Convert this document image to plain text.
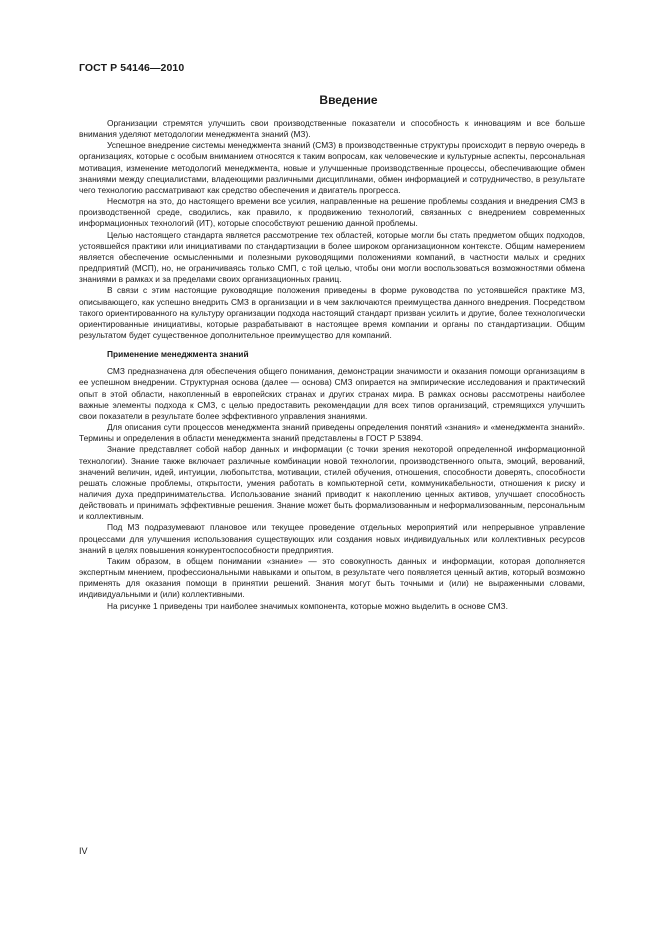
ГОСТ Р 54146—2010
Введение

Организации стремятся улучшить свои производственные показатели и способность к инновациям и все больше внимания уделяют методологии менеджмента знаний (МЗ).

Успешное внедрение системы менеджмента знаний (СМЗ) в производственные структуры происходит в первую очередь в организациях, которые с особым вниманием относятся к таким вопросам, как человеческие и культурные аспекты, персональная мотивация, изменение методологий менеджмента, новые и улучшенные производственные процессы, обеспечивающие обмен знаниями между специалистами, владеющими различными дисциплинами, обмен информацией и сотрудничество, в результате чего технологию рассматривают как средство обеспечения и двигатель прогресса.

Несмотря на это, до настоящего времени все усилия, направленные на решение проблемы создания и внедрения СМЗ в производственной среде, сводились, как правило, к продвижению технологий, связанных с внедрением современных информационных технологий (ИТ), которые способствуют решению данной проблемы.

Целью настоящего стандарта является рассмотрение тех областей, которые могли бы стать предметом общих подходов, устоявшейся практики или инициативами по стандартизации в более широком организационном контексте. Общим намерением является обеспечение осмысленными и полезными руководящими положениями компаний, в частности малых и средних предприятий (МСП), но, не ограничиваясь только СМП, с той целью, чтобы они могли воспользоваться возможностями обмена знаниями в рамках и за пределами своих организационных границ.

В связи с этим настоящие руководящие положения приведены в форме руководства по устоявшейся практике МЗ, описывающего, как успешно внедрить СМЗ в организации и в чем заключаются преимущества данного внедрения. Посредством такого ориентированного на культуру организации подхода настоящий стандарт призван усилить и другие, более технологически ориентированные инициативы, которые разрабатывают в настоящее время компании и органы по стандартизации. Общим результатом будет существенное дополнительное преимущество для компаний.

Применение менеджмента знаний

СМЗ предназначена для обеспечения общего понимания, демонстрации значимости и оказания помощи организациям в ее успешном внедрении. Структурная основа (далее — основа) СМЗ опирается на эмпирические исследования и практический опыт в этой области, накопленный в европейских странах и других странах мира. В рамках основы рассмотрены наиболее важные элементы подхода к СМЗ, с целью предоставить рекомендации для всех типов организаций, стремящихся улучшить свои показатели в результате более эффективного управления знаниями.

Для описания сути процессов менеджмента знаний приведены определения понятий «знания» и «менеджмента знаний». Термины и определения в области менеджмента знаний представлены в ГОСТ Р 53894.

Знание представляет собой набор данных и информации (с точки зрения некоторой определенной информационной технологии). Знание также включает различные комбинации новой технологии, производственного опыта, эмоций, верований, значений величин, идей, интуиции, любопытства, мотивации, стилей обучения, отношения, способности доверять, способности решать сложные проблемы, открытости, умения работать в компьютерной сети, коммуникабельности, отношения к риску и наличия духа предпринимательства. Использование знаний приводит к накоплению ценных активов, улучшает способность действовать и принимать эффективные решения. Знание может быть формализованным и неформализованным, персональным и коллективным.

Под МЗ подразумевают плановое или текущее проведение отдельных мероприятий или непрерывное управление процессами для улучшения использования существующих или создания новых индивидуальных или коллективных ресурсов знаний в целях повышения конкурентоспособности предприятия.

Таким образом, в общем понимании «знание» — это совокупность данных и информации, которая дополняется экспертным мнением, профессиональными навыками и опытом, в результате чего появляется ценный актив, который возможно применять для оказания помощи в принятии решений. Знания могут быть точными и (или) не выраженными словами, индивидуальными и (или) коллективными.

На рисунке 1 приведены три наиболее значимых компонента, которые можно выделить в основе СМЗ.

IV
